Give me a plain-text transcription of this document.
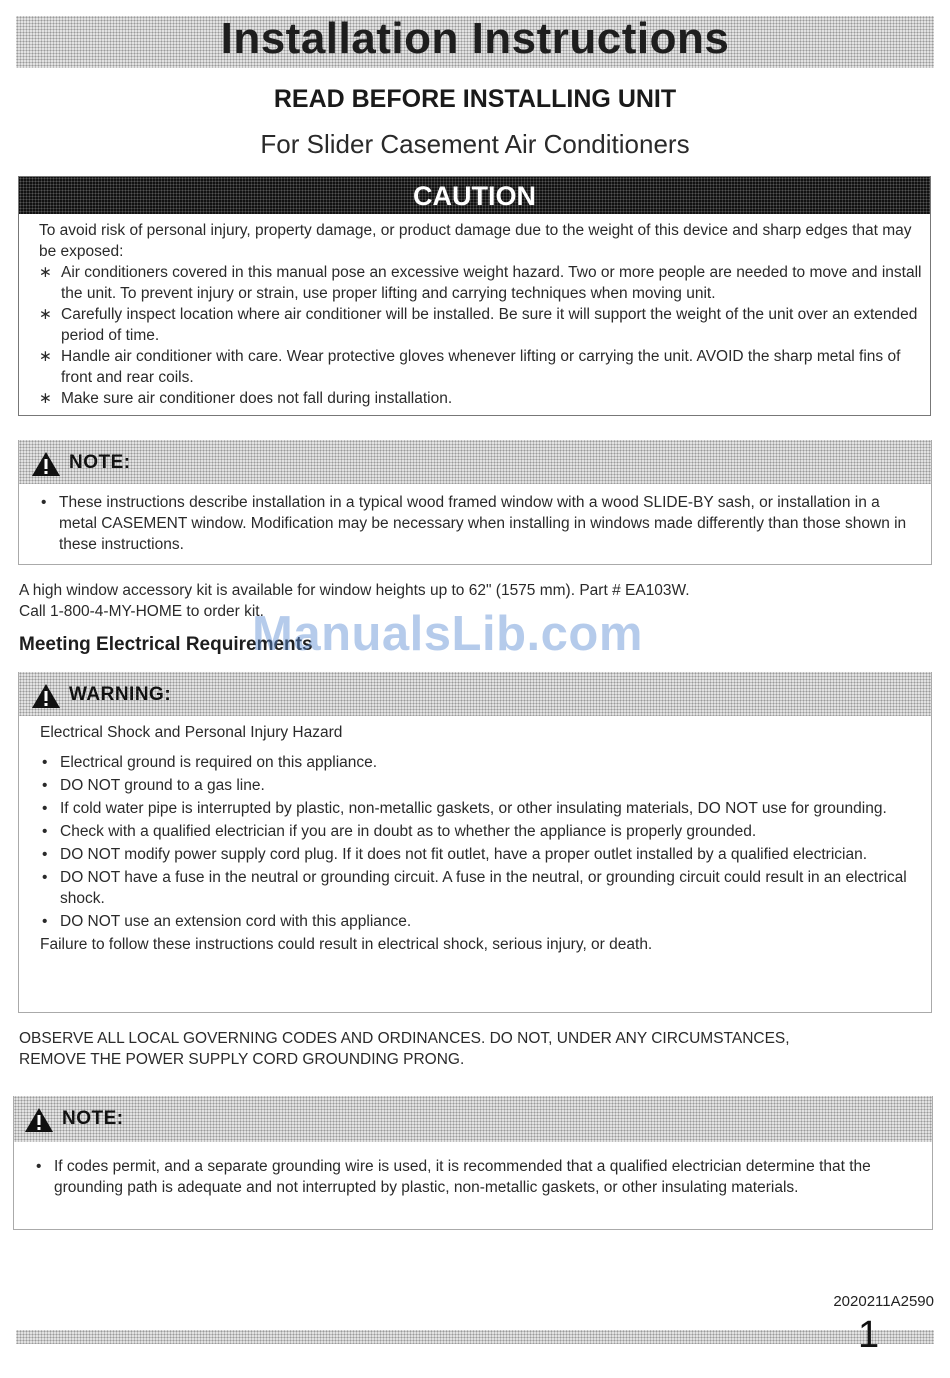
Installation Instructions
READ BEFORE INSTALLING UNIT
For Slider Casement Air Conditioners
CAUTION
To avoid risk of personal injury, property damage, or product damage due to the weight of this device and sharp edges that may be exposed:
∗ Air conditioners covered in this manual pose an excessive weight hazard. Two or more people are needed to move and install the unit. To prevent injury or strain, use proper lifting and carrying techniques when moving unit.
∗ Carefully inspect location where air conditioner will be installed. Be sure it will support the weight of the unit over an extended period of time.
∗ Handle air conditioner with care. Wear protective gloves whenever lifting or carrying the unit. AVOID the sharp metal fins of front and rear coils.
∗ Make sure air conditioner does not fall during installation.
NOTE:
• These instructions describe installation in a typical wood framed window with a wood SLIDE-BY sash, or installation in a metal CASEMENT window. Modification may be necessary when installing in windows made differently than those shown in these instructions.
A high window accessory kit is available for window heights up to 62" (1575 mm). Part # EA103W.
Call 1-800-4-MY-HOME to order kit.
Meeting Electrical Requirements
ManualsLib.com
WARNING:
Electrical Shock and Personal Injury Hazard
• Electrical ground is required on this appliance.
• DO NOT ground to a gas line.
• If cold water pipe is interrupted by plastic, non-metallic gaskets, or other insulating materials, DO NOT use for grounding.
• Check with a qualified electrician if you are in doubt as to whether the appliance is properly grounded.
• DO NOT modify power supply cord plug. If it does not fit outlet, have a proper outlet installed by a qualified electrician.
• DO NOT have a fuse in the neutral or grounding circuit. A fuse in the neutral, or grounding circuit could result in an electrical shock.
• DO NOT use an extension cord with this appliance.
Failure to follow these instructions could result in electrical shock, serious injury, or death.
OBSERVE ALL LOCAL GOVERNING CODES AND ORDINANCES. DO NOT, UNDER ANY CIRCUMSTANCES,
REMOVE THE POWER SUPPLY CORD GROUNDING PRONG.
NOTE:
• If codes permit, and a separate grounding wire is used, it is recommended that a qualified electrician determine that the grounding path is adequate and not interrupted by plastic, non-metallic gaskets, or other insulating materials.
2020211A2590
1
